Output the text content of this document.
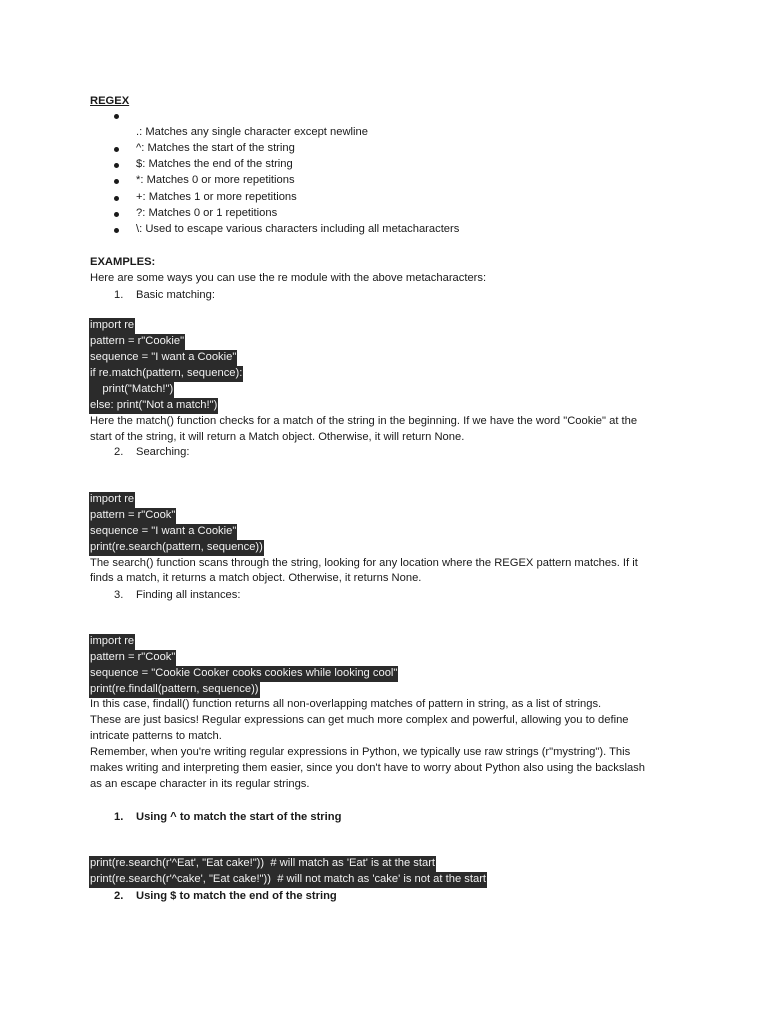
REGEX
.: Matches any single character except newline
^: Matches the start of the string
$: Matches the end of the string
*: Matches 0 or more repetitions
+: Matches 1 or more repetitions
?: Matches 0 or 1 repetitions
\: Used to escape various characters including all metacharacters
EXAMPLES:
Here are some ways you can use the re module with the above metacharacters:
1. Basic matching:
import re
pattern = r"Cookie"
sequence = "I want a Cookie"
if re.match(pattern, sequence):
print("Match!")
else: print("Not a match!")
Here the match() function checks for a match of the string in the beginning. If we have the word "Cookie" at the
start of the string, it will return a Match object. Otherwise, it will return None.
2. Searching:
import re
pattern = r"Cook"
sequence = "I want a Cookie"
print(re.search(pattern, sequence))
The search() function scans through the string, looking for any location where the REGEX pattern matches. If it
finds a match, it returns a match object. Otherwise, it returns None.
3. Finding all instances:
import re
pattern = r"Cook"
sequence = "Cookie Cooker cooks cookies while looking cool"
print(re.findall(pattern, sequence))
In this case, findall() function returns all non-overlapping matches of pattern in string, as a list of strings.
These are just basics! Regular expressions can get much more complex and powerful, allowing you to define
intricate patterns to match.
Remember, when you're writing regular expressions in Python, we typically use raw strings (r"mystring"). This
makes writing and interpreting them easier, since you don't have to worry about Python also using the backslash
as an escape character in its regular strings.
1. Using ^ to match the start of the string
print(re.search(r'^Eat', "Eat cake!"))  # will match as 'Eat' is at the start
print(re.search(r'^cake', "Eat cake!"))  # will not match as 'cake' is not at the start
2. Using $ to match the end of the string
